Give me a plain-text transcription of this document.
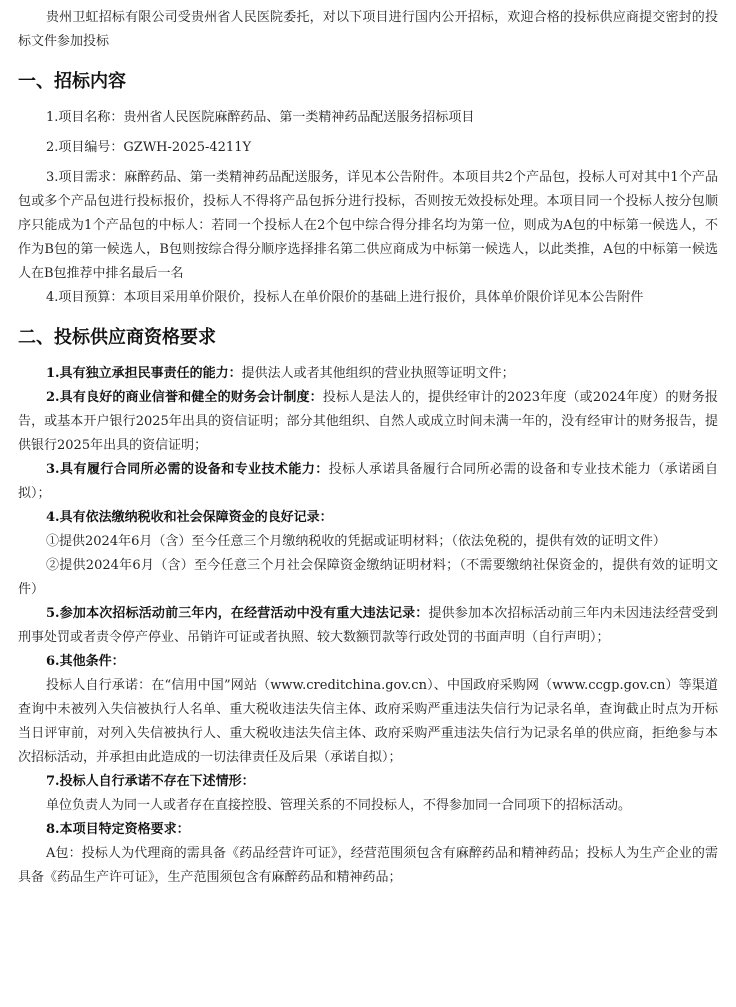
贵州卫虹招标有限公司受贵州省人民医院委托，对以下项目进行国内公开招标，欢迎合格的投标供应商提交密封的投标文件参加投标

一、招标内容

1.项目名称：贵州省人民医院麻醉药品、第一类精神药品配送服务招标项目

2.项目编号：GZWH-2025-4211Y

3.项目需求：麻醉药品、第一类精神药品配送服务，详见本公告附件。本项目共2个产品包，投标人可对其中1个产品包或多个产品包进行投标报价，投标人不得将产品包拆分进行投标，否则按无效投标处理。本项目同一个投标人按分包顺序只能成为1个产品包的中标人：若同一个投标人在2个包中综合得分排名均为第一位，则成为A包的中标第一候选人，不作为B包的第一候选人，B包则按综合得分顺序选择排名第二供应商成为中标第一候选人，以此类推，A包的中标第一候选人在B包推荐中排名最后一名

4.项目预算：本项目采用单价限价，投标人在单价限价的基础上进行报价，具体单价限价详见本公告附件

二、投标供应商资格要求

1.具有独立承担民事责任的能力：提供法人或者其他组织的营业执照等证明文件；

2.具有良好的商业信誉和健全的财务会计制度：投标人是法人的，提供经审计的2023年度（或2024年度）的财务报告，或基本开户银行2025年出具的资信证明；部分其他组织、自然人或成立时间未满一年的，没有经审计的财务报告，提供银行2025年出具的资信证明；

3.具有履行合同所必需的设备和专业技术能力：投标人承诺具备履行合同所必需的设备和专业技术能力（承诺函自拟）；

4.具有依法缴纳税收和社会保障资金的良好记录：

①提供2024年6月（含）至今任意三个月缴纳税收的凭据或证明材料；（依法免税的，提供有效的证明文件）

②提供2024年6月（含）至今任意三个月社会保障资金缴纳证明材料；（不需要缴纳社保资金的，提供有效的证明文件）

5.参加本次招标活动前三年内，在经营活动中没有重大违法记录：提供参加本次招标活动前三年内未因违法经营受到刑事处罚或者责令停产停业、吊销许可证或者执照、较大数额罚款等行政处罚的书面声明（自行声明）；

6.其他条件：

投标人自行承诺：在“信用中国”网站（www.creditchina.gov.cn）、中国政府采购网（www.ccgp.gov.cn）等渠道查询中未被列入失信被执行人名单、重大税收违法失信主体、政府采购严重违法失信行为记录名单，查询截止时点为开标当日评审前，对列入失信被执行人、重大税收违法失信主体、政府采购严重违法失信行为记录名单的供应商，拒绝参与本次招标活动，并承担由此造成的一切法律责任及后果（承诺自拟）；

7.投标人自行承诺不存在下述情形：

单位负责人为同一人或者存在直接控股、管理关系的不同投标人，不得参加同一合同项下的招标活动。

8.本项目特定资格要求：

A包：投标人为代理商的需具备《药品经营许可证》，经营范围须包含有麻醉药品和精神药品；投标人为生产企业的需具备《药品生产许可证》，生产范围须包含有麻醉药品和精神药品；
